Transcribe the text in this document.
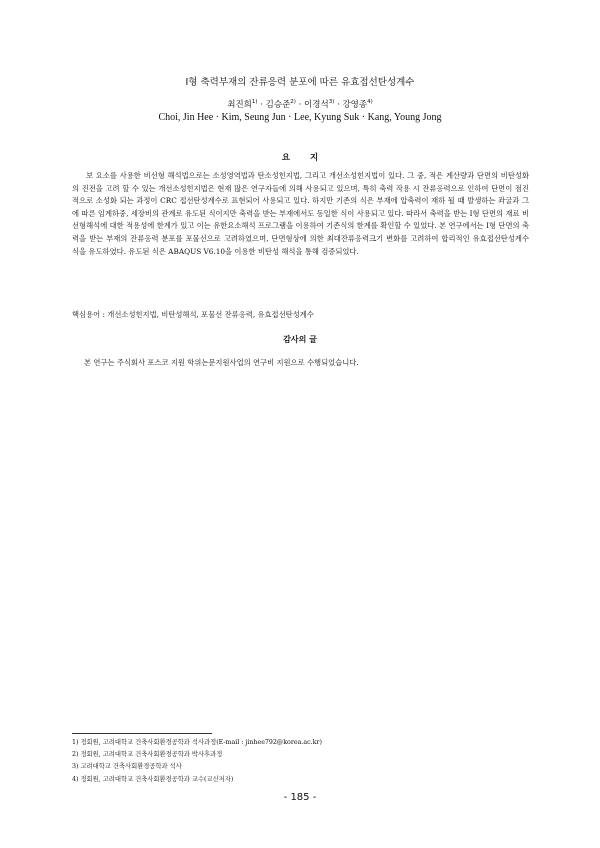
I형 축력부재의 잔류응력 분포에 따른 유효접선탄성계수
최진희$^{1)}$ · 김승준$^{2)}$ · 이경석$^{3)}$ · 강영종$^{4)}$
Choi, Jin Hee · Kim, Seung Jun · Lee, Kyung Suk · Kang, Young Jong
요지
보 요소를 사용한 비선형 해석법으로는 소성영역법과 탄소성힌지법, 그리고 개선소성힌지법이 있다. 그 중, 적은 계산량과 단면의 비탄성화의 진전을 고려 할 수 있는 개선소성힌지법은 현재 많은 연구자들에 의해 사용되고 있으며, 특히 축력 작용 시 잔류응력으로 인하여 단면이 점진적으로 소성화 되는 과정이 CRC 접선탄성계수로 표현되어 사용되고 있다. 하지만 기존의 식은 부재에 압축력이 재하 될 때 발생하는 좌굴과 그에 따른 임계하중, 세장비의 관계로 유도된 식이지만 축력을 받는 부재에서도 동일한 식이 사용되고 있다. 따라서 축력을 받는 I형 단면의 재료 비선형해석에 대한 적용성에 한계가 있고 이는 유한요소해석 프로그램을 이용하여 기존식의 한계를 확인할 수 있었다. 본 연구에서는 I형 단면의 축력을 받는 부재의 잔류응력 분포를 포물선으로 고려하였으며, 단면형상에 의한 최대잔류응력크기 변화를 고려하여 합리적인 유효접선탄성계수 식을 유도하였다. 유도된 식은 ABAQUS V6.10을 이용한 비탄성 해석을 통해 검증되었다.
핵심용어 : 개선소성힌지법, 비탄성해석, 포물선 잔류응력, 유효접선탄성계수
감사의 글
본 연구는 주식회사 포스코 지원 학위논문지원사업의 연구비 지원으로 수행되었습니다.
1) 정회원, 고려대학교 건축사회환경공학과 석사과정(E-mail : jinhee792@korea.ac.kr)
2) 정회원, 고려대학교 건축사회환경공학과 박사후과정
3) 고려대학교 건축사회환경공학과 석사
4) 정회원, 고려대학교 건축사회환경공학과 교수(교신저자)
- 185 -
